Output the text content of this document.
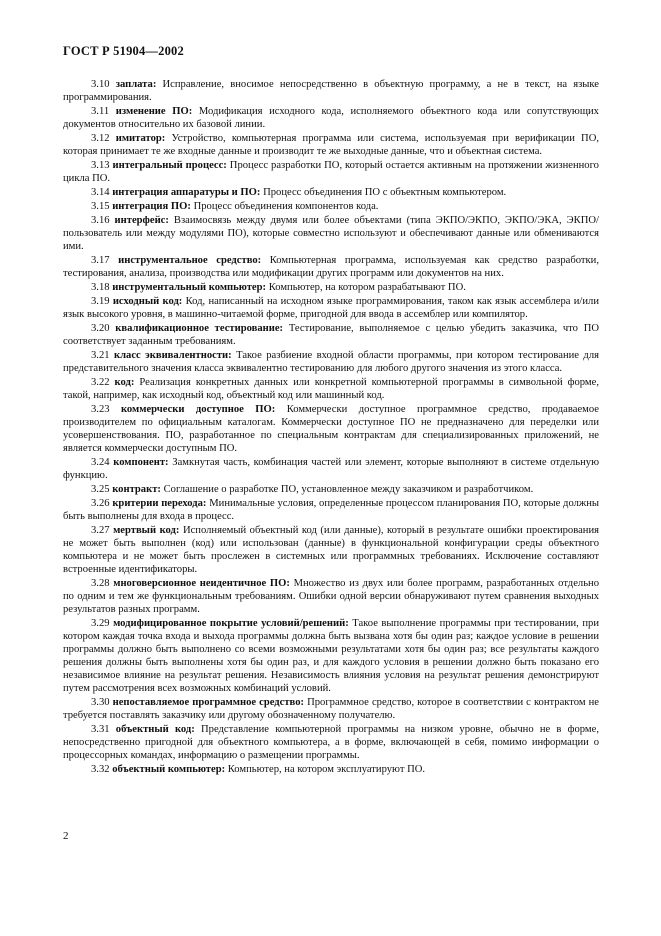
ГОСТ Р 51904—2002

3.10 заплата: Исправление, вносимое непосредственно в объектную программу, а не в текст, на языке программирования.

3.11 изменение ПО: Модификация исходного кода, исполняемого объектного кода или сопутствующих документов относительно их базовой линии.

3.12 имитатор: Устройство, компьютерная программа или система, используемая при верификации ПО, которая принимает те же входные данные и производит те же выходные данные, что и объектная система.

3.13 интегральный процесс: Процесс разработки ПО, который остается активным на протяжении жизненного цикла ПО.

3.14 интеграция аппаратуры и ПО: Процесс объединения ПО с объектным компьютером.

3.15 интеграция ПО: Процесс объединения компонентов кода.

3.16 интерфейс: Взаимосвязь между двумя или более объектами (типа ЭКПО/ЭКПО, ЭКПО/ЭКА, ЭКПО/пользователь или между модулями ПО), которые совместно используют и обеспечивают данные или обмениваются ими.

3.17 инструментальное средство: Компьютерная программа, используемая как средство разработки, тестирования, анализа, производства или модификации других программ или документов на них.

3.18 инструментальный компьютер: Компьютер, на котором разрабатывают ПО.

3.19 исходный код: Код, написанный на исходном языке программирования, таком как язык ассемблера и/или язык высокого уровня, в машинно-читаемой форме, пригодной для ввода в ассемблер или компилятор.

3.20 квалификационное тестирование: Тестирование, выполняемое с целью убедить заказчика, что ПО соответствует заданным требованиям.

3.21 класс эквивалентности: Такое разбиение входной области программы, при котором тестирование для представительного значения класса эквивалентно тестированию для любого другого значения из этого класса.

3.22 код: Реализация конкретных данных или конкретной компьютерной программы в символьной форме, такой, например, как исходный код, объектный код или машинный код.

3.23 коммерчески доступное ПО: Коммерчески доступное программное средство, продаваемое производителем по официальным каталогам. Коммерчески доступное ПО не предназначено для переделки или усовершенствования. ПО, разработанное по специальным контрактам для специализированных приложений, не является коммерчески доступным ПО.

3.24 компонент: Замкнутая часть, комбинация частей или элемент, которые выполняют в системе отдельную функцию.

3.25 контракт: Соглашение о разработке ПО, установленное между заказчиком и разработчиком.

3.26 критерии перехода: Минимальные условия, определенные процессом планирования ПО, которые должны быть выполнены для входа в процесс.

3.27 мертвый код: Исполняемый объектный код (или данные), который в результате ошибки проектирования не может быть выполнен (код) или использован (данные) в функциональной конфигурации среды объектного компьютера и не может быть прослежен в системных или программных требованиях. Исключение составляют встроенные идентификаторы.

3.28 многоверсионное неидентичное ПО: Множество из двух или более программ, разработанных отдельно по одним и тем же функциональным требованиям. Ошибки одной версии обнаруживают путем сравнения выходных результатов разных программ.

3.29 модифицированное покрытие условий/решений: Такое выполнение программы при тестировании, при котором каждая точка входа и выхода программы должна быть вызвана хотя бы один раз; каждое условие в решении программы должно быть выполнено со всеми возможными результатами хотя бы один раз; все результаты каждого решения должны быть выполнены хотя бы один раз, и для каждого условия в решении должно быть показано его независимое влияние на результат решения. Независимость влияния условия на результат решения демонстрируют путем рассмотрения всех возможных комбинаций условий.

3.30 непоставляемое программное средство: Программное средство, которое в соответствии с контрактом не требуется поставлять заказчику или другому обозначенному получателю.

3.31 объектный код: Представление компьютерной программы на низком уровне, обычно не в форме, непосредственно пригодной для объектного компьютера, а в форме, включающей в себя, помимо информации о процессорных командах, информацию о размещении программы.

3.32 объектный компьютер: Компьютер, на котором эксплуатируют ПО.

2
